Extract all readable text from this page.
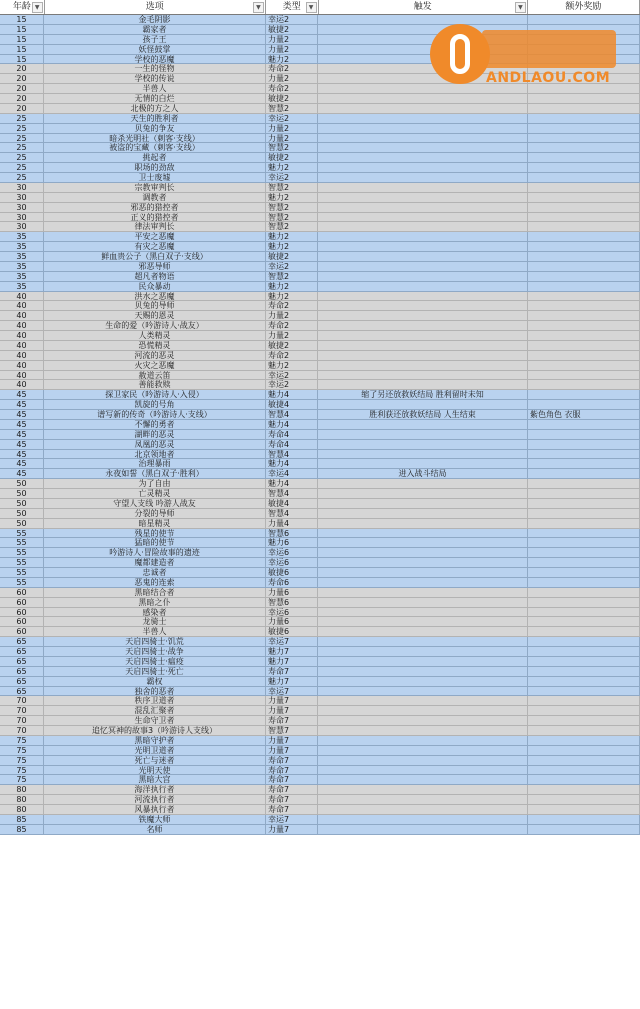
年龄 ▼	选项	▼	类型	▼	触发	▼	额外奖励
15	金毛阴影	幸运2
15	霸家者	敏捷2
15	孩子王	力量2
15	妖怪鼓掌	力量2
15	学校的恶魔	魅力2
20	一生的怪物	寿命2
20	学校的传说	力量2
20	半兽人	寿命2
20	无情的白烂	敏捷2
20	北极的方之人	智慧2
25	天生的胜利者	幸运2
25	贝兔的争友	力量2
25	暗杀光明社（刺客·支线）	力量2
25	被盗的宝藏（刺客·支线）	智慧2
25	挑起者	敏捷2
25	职场的劲敌	魅力2
25	卫士废墟	幸运2
30	宗教审判长	智慧2
30	调教者	魅力2
30	邪恶的猎控者	智慧2
30	正义的猎控者	智慧2
30	律法审判长	智慧2
35	平安之恶魔	魅力2
35	有灾之恶魔	魅力2
35	鲜血贵公子（黑白双子·支线）	敏捷2
35	邪恶导师	幸运2
35	超凡者物语	智慧2
35	民众暴动	魅力2
40	洪水之恶魔	魅力2
40	贝兔的导师	寿命2
40	天赐的恩灵	力量2
40	生命的爱（吟游诗人·战友）	寿命2
40	人类精灵	力量2
40	恐慌精灵	敏捷2
40	河流的恶灵	寿命2
40	火灾之恶魔	魅力2
40	赦道云笛	幸运2
40	善能救赎	幸运2
45	探卫家民（吟游诗人·入侵）	魅力4	缩了另还放救妖结局 胜利留时未知
45	凯旋的号角	敏捷4
45	谱写新的传奇（吟游诗人·支线）	智慧4	胜利获还放救妖结局 人生结束	紫色角色 衣服
45	不懈的勇者	魅力4
45	湖畔的恶灵	寿命4
45	凤凰的恶灵	寿命4
45	北京领地者	智慧4
45	治理暴雨	魅力4
45	永夜如誓（黑白双子·胜利）	幸运4	进入战斗结局
50	为了自由	魅力4
50	亡灵精灵	智慧4
50	守望人支线 吟游人战友	敏捷4
50	分裂的导师	智慧4
50	暗星精灵	力量4
55	残星的使节	智慧6
55	猛暗的使节	魅力6
55	吟游诗人·冒险故事的遗迹	幸运6
55	魔都建造者	幸运6
55	忠诚者	敏捷6
55	恶鬼的连索	寿命6
60	黑暗结合者	力量6
60	黑暗之仆	智慧6
60	感染者	幸运6
60	龙骑士	力量6
60	半兽人	敏捷6
65	天启四骑士·饥荒	幸运7
65	天启四骑士·战争	魅力7
65	天启四骑士·瘟疫	魅力7
65	天启四骑士·死亡	寿命7
65	霸权	魅力7
65	独舍的恶者	幸运7
70	秩序卫道者	力量7
70	混乱汇聚者	力量7
70	生命守卫者	寿命7
70	追忆冥神的故事3（吟游诗人支线）	智慧7
75	黑暗守护者	力量7
75	光明卫道者	力量7
75	死亡与迷者	寿命7
75	光明天使	寿命7
75	黑暗大宫	寿命7
80	海洋执行者	寿命7
80	河流执行者	寿命7
80	风暴执行者	寿命7
85	铁魔大师	幸运7
85	名师	力量7
ANDLAOU.COM
